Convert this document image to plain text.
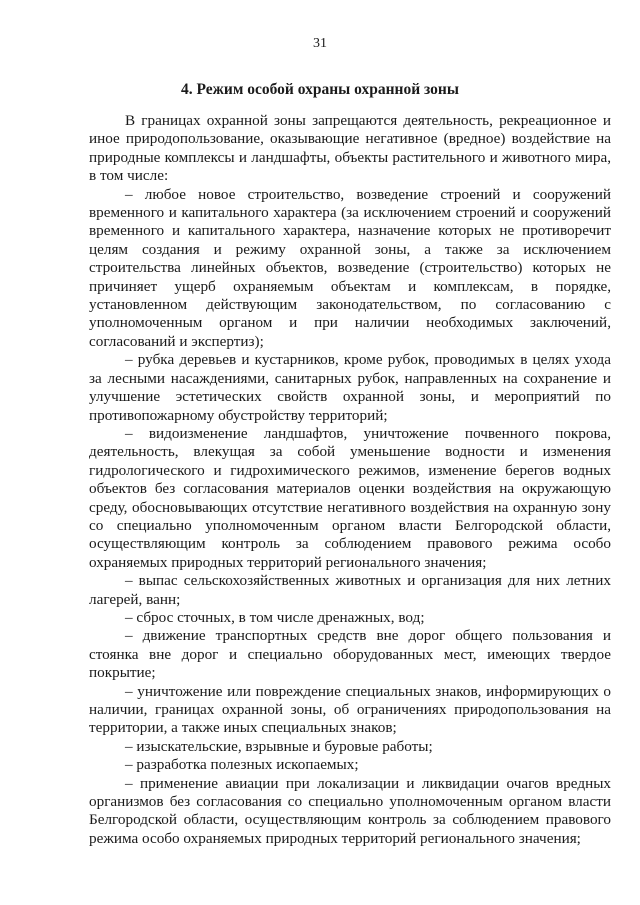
31
4. Режим особой охраны охранной зоны

В границах охранной зоны запрещаются деятельность, рекреационное и иное природопользование, оказывающие негативное (вредное) воздействие на природные комплексы и ландшафты, объекты растительного и животного мира, в том числе:

– любое новое строительство, возведение строений и сооружений временного и капитального характера (за исключением строений и сооружений временного и капитального характера, назначение которых не противоречит целям создания и режиму охранной зоны, а также за исключением строительства линейных объектов, возведение (строительство) которых не причиняет ущерб охраняемым объектам и комплексам, в порядке, установленном действующим законодательством, по согласованию с уполномоченным органом и при наличии необходимых заключений, согласований и экспертиз);

– рубка деревьев и кустарников, кроме рубок, проводимых в целях ухода за лесными насаждениями, санитарных рубок, направленных на сохранение и улучшение эстетических свойств охранной зоны, и мероприятий по противопожарному обустройству территорий;

– видоизменение ландшафтов, уничтожение почвенного покрова, деятельность, влекущая за собой уменьшение водности и изменения гидрологического и гидрохимического режимов, изменение берегов водных объектов без согласования материалов оценки воздействия на окружающую среду, обосновывающих отсутствие негативного воздействия на охранную зону со специально уполномоченным органом власти Белгородской области, осуществляющим контроль за соблюдением правового режима особо охраняемых природных территорий регионального значения;

– выпас сельскохозяйственных животных и организация для них летних лагерей, ванн;

– сброс сточных, в том числе дренажных, вод;

– движение транспортных средств вне дорог общего пользования и стоянка вне дорог и специально оборудованных мест, имеющих твердое покрытие;

– уничтожение или повреждение специальных знаков, информирующих о наличии, границах охранной зоны, об ограничениях природопользования на территории, а также иных специальных знаков;

– изыскательские, взрывные и буровые работы;

– разработка полезных ископаемых;

– применение авиации при локализации и ликвидации очагов вредных организмов без согласования со специально уполномоченным органом власти Белгородской области, осуществляющим контроль за соблюдением правового режима особо охраняемых природных территорий регионального значения;
